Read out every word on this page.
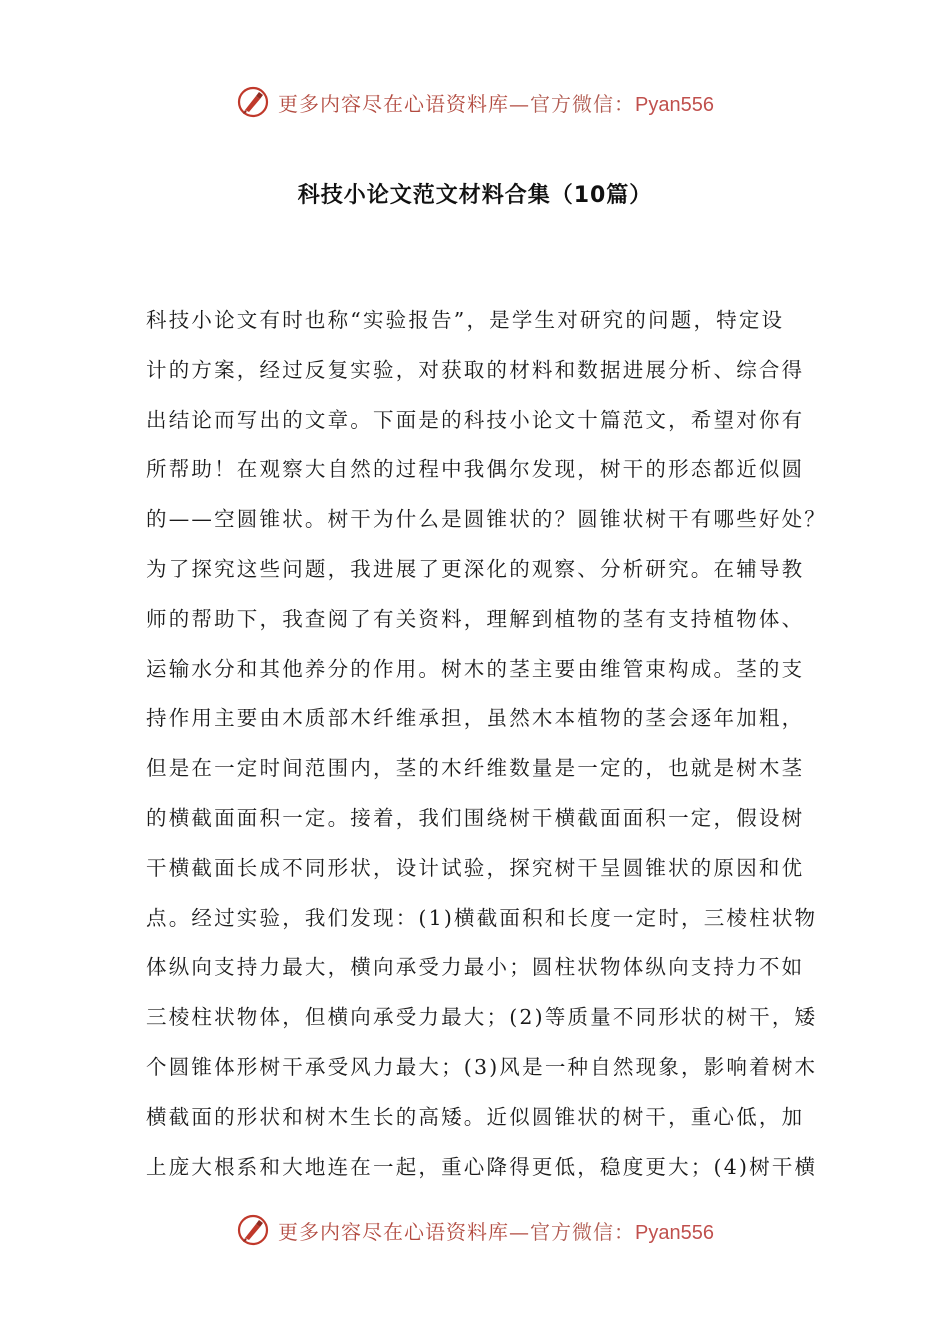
更多内容尽在心语资料库—官方微信：Pyan556
科技小论文范文材料合集（10篇）
科技小论文有时也称“实验报告”，是学生对研究的问题，特定设
计的方案，经过反复实验，对获取的材料和数据进展分析、综合得
出结论而写出的文章。下面是的科技小论文十篇范文，希望对你有
所帮助！在观察大自然的过程中我偶尔发现，树干的形态都近似圆
的——空圆锥状。树干为什么是圆锥状的？圆锥状树干有哪些好处？
为了探究这些问题，我进展了更深化的观察、分析研究。在辅导教
师的帮助下，我查阅了有关资料，理解到植物的茎有支持植物体、
运输水分和其他养分的作用。树木的茎主要由维管束构成。茎的支
持作用主要由木质部木纤维承担，虽然木本植物的茎会逐年加粗，
但是在一定时间范围内，茎的木纤维数量是一定的，也就是树木茎
的横截面面积一定。接着，我们围绕树干横截面面积一定，假设树
干横截面长成不同形状，设计试验，探究树干呈圆锥状的原因和优
点。经过实验，我们发现：(1)横截面积和长度一定时，三棱柱状物
体纵向支持力最大，横向承受力最小；圆柱状物体纵向支持力不如
三棱柱状物体，但横向承受力最大；(2)等质量不同形状的树干，矮
个圆锥体形树干承受风力最大；(3)风是一种自然现象，影响着树木
横截面的形状和树木生长的高矮。近似圆锥状的树干，重心低，加
上庞大根系和大地连在一起，重心降得更低，稳度更大；(4)树干横
更多内容尽在心语资料库—官方微信：Pyan556
